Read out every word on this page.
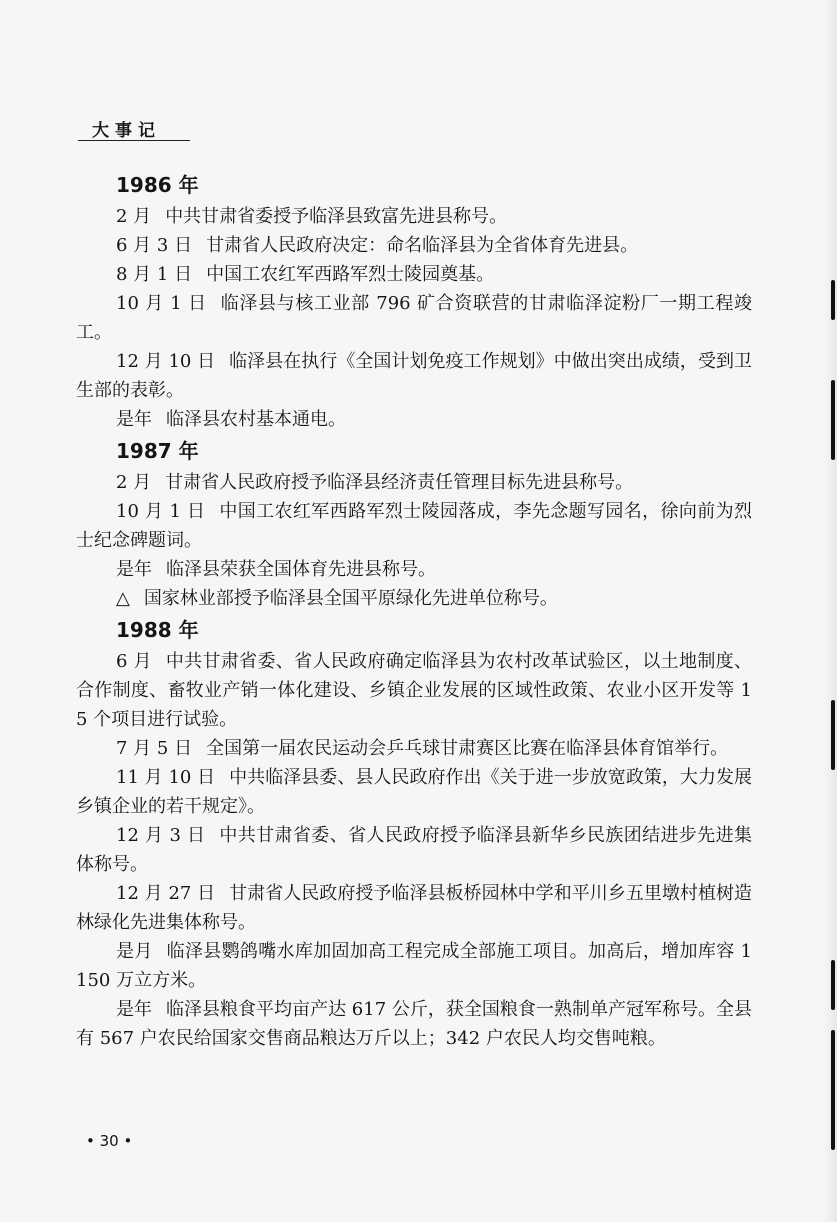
大事记
1986 年

2 月 中共甘肃省委授予临泽县致富先进县称号。

6 月 3 日 甘肃省人民政府决定：命名临泽县为全省体育先进县。

8 月 1 日 中国工农红军西路军烈士陵园奠基。

10 月 1 日 临泽县与核工业部 796 矿合资联营的甘肃临泽淀粉厂一期工程竣工。

12 月 10 日 临泽县在执行《全国计划免疫工作规划》中做出突出成绩，受到卫生部的表彰。

是年 临泽县农村基本通电。

1987 年

2 月 甘肃省人民政府授予临泽县经济责任管理目标先进县称号。

10 月 1 日 中国工农红军西路军烈士陵园落成，李先念题写园名，徐向前为烈士纪念碑题词。

是年 临泽县荣获全国体育先进县称号。

△ 国家林业部授予临泽县全国平原绿化先进单位称号。

1988 年

6 月 中共甘肃省委、省人民政府确定临泽县为农村改革试验区，以土地制度、合作制度、畜牧业产销一体化建设、乡镇企业发展的区域性政策、农业小区开发等 15 个项目进行试验。

7 月 5 日 全国第一届农民运动会乒乓球甘肃赛区比赛在临泽县体育馆举行。

11 月 10 日 中共临泽县委、县人民政府作出《关于进一步放宽政策，大力发展乡镇企业的若干规定》。

12 月 3 日 中共甘肃省委、省人民政府授予临泽县新华乡民族团结进步先进集体称号。

12 月 27 日 甘肃省人民政府授予临泽县板桥园林中学和平川乡五里墩村植树造林绿化先进集体称号。

是月 临泽县鹦鸽嘴水库加固加高工程完成全部施工项目。加高后，增加库容 1150 万立方米。

是年 临泽县粮食平均亩产达 617 公斤，获全国粮食一熟制单产冠军称号。全县有 567 户农民给国家交售商品粮达万斤以上；342 户农民人均交售吨粮。

• 30 •
